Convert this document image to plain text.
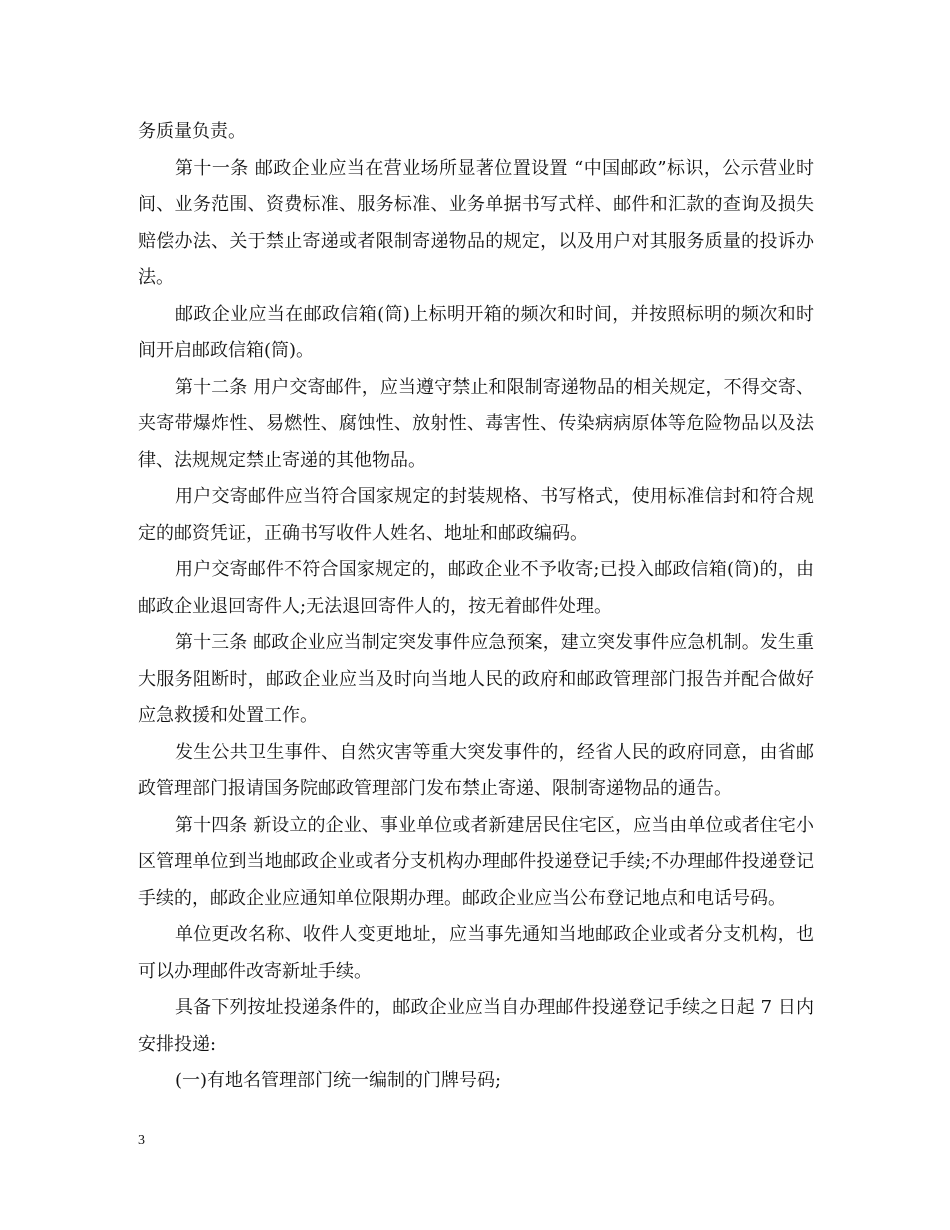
务质量负责。

第十一条 邮政企业应当在营业场所显著位置设置 “中国邮政”标识，公示营业时间、业务范围、资费标准、服务标准、业务单据书写式样、邮件和汇款的查询及损失赔偿办法、关于禁止寄递或者限制寄递物品的规定，以及用户对其服务质量的投诉办法。

邮政企业应当在邮政信箱(筒)上标明开箱的频次和时间，并按照标明的频次和时间开启邮政信箱(筒)。

第十二条 用户交寄邮件，应当遵守禁止和限制寄递物品的相关规定，不得交寄、夹寄带爆炸性、易燃性、腐蚀性、放射性、毒害性、传染病病原体等危险物品以及法律、法规规定禁止寄递的其他物品。

用户交寄邮件应当符合国家规定的封装规格、书写格式，使用标准信封和符合规定的邮资凭证，正确书写收件人姓名、地址和邮政编码。

用户交寄邮件不符合国家规定的，邮政企业不予收寄;已投入邮政信箱(筒)的，由邮政企业退回寄件人;无法退回寄件人的，按无着邮件处理。

第十三条 邮政企业应当制定突发事件应急预案，建立突发事件应急机制。发生重大服务阻断时，邮政企业应当及时向当地人民的政府和邮政管理部门报告并配合做好应急救援和处置工作。

发生公共卫生事件、自然灾害等重大突发事件的，经省人民的政府同意，由省邮政管理部门报请国务院邮政管理部门发布禁止寄递、限制寄递物品的通告。

第十四条 新设立的企业、事业单位或者新建居民住宅区，应当由单位或者住宅小区管理单位到当地邮政企业或者分支机构办理邮件投递登记手续;不办理邮件投递登记手续的，邮政企业应通知单位限期办理。邮政企业应当公布登记地点和电话号码。

单位更改名称、收件人变更地址，应当事先通知当地邮政企业或者分支机构，也可以办理邮件改寄新址手续。

具备下列按址投递条件的，邮政企业应当自办理邮件投递登记手续之日起 7 日内安排投递:

(一)有地名管理部门统一编制的门牌号码;

3
